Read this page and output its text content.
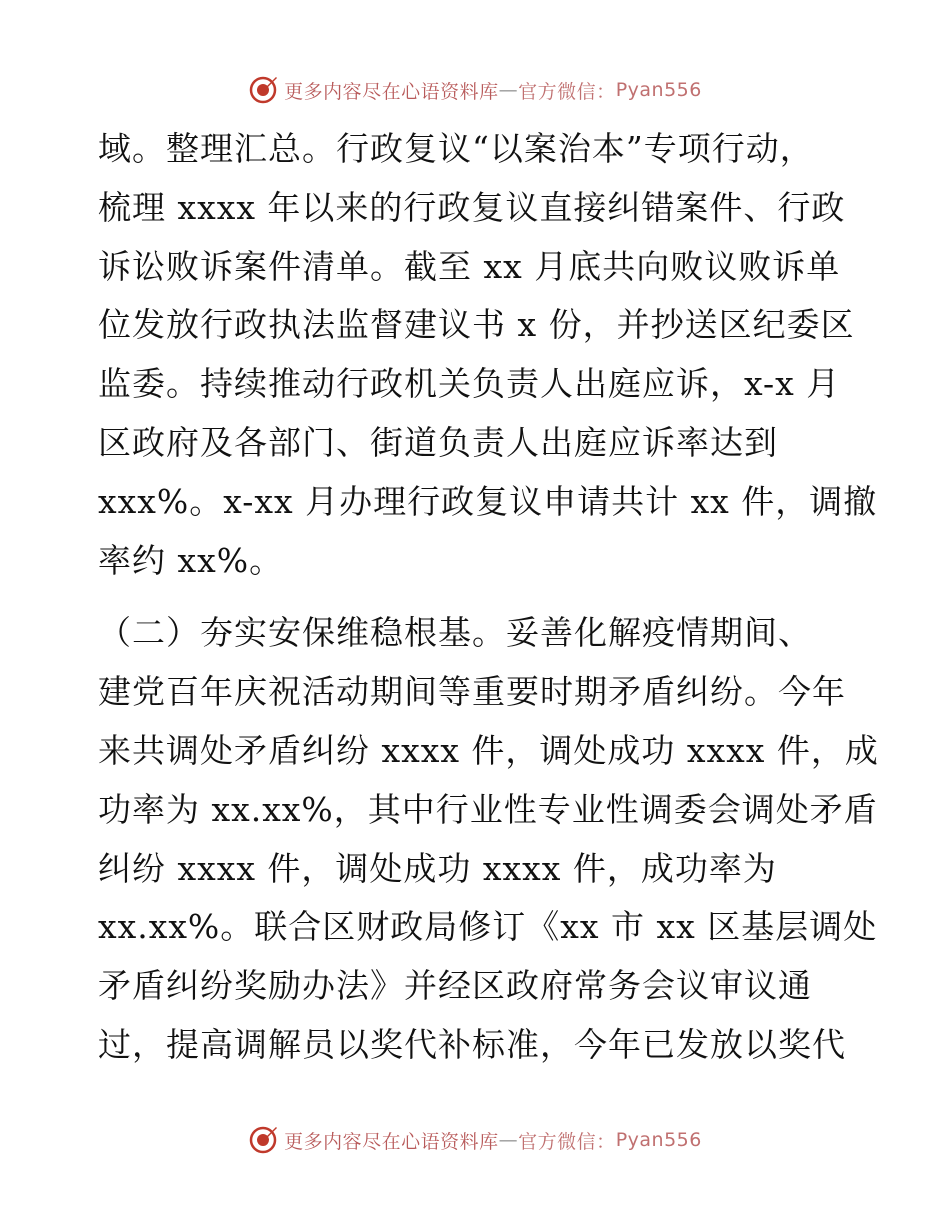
更多内容尽在心语资料库 — 官方微信： Pyan556
域。整理汇总。行政复议“以案治本”专项行动，
梳理 xxxx 年以来的行政复议直接纠错案件、行政
诉讼败诉案件清单。截至 xx 月底共向败议败诉单
位发放行政执法监督建议书 x 份，并抄送区纪委区
监委。持续推动行政机关负责人出庭应诉，x-x 月
区政府及各部门、街道负责人出庭应诉率达到
xxx%。x-xx 月办理行政复议申请共计 xx 件，调撤
率约 xx%。
（二）夯实安保维稳根基。妥善化解疫情期间、
建党百年庆祝活动期间等重要时期矛盾纠纷。今年
来共调处矛盾纠纷 xxxx 件，调处成功 xxxx 件，成
功率为 xx.xx%，其中行业性专业性调委会调处矛盾
纠纷 xxxx 件，调处成功 xxxx 件，成功率为
xx.xx%。联合区财政局修订《xx 市 xx 区基层调处
矛盾纠纷奖励办法》并经区政府常务会议审议通
过，提高调解员以奖代补标准，今年已发放以奖代
更多内容尽在心语资料库 — 官方微信： Pyan556
